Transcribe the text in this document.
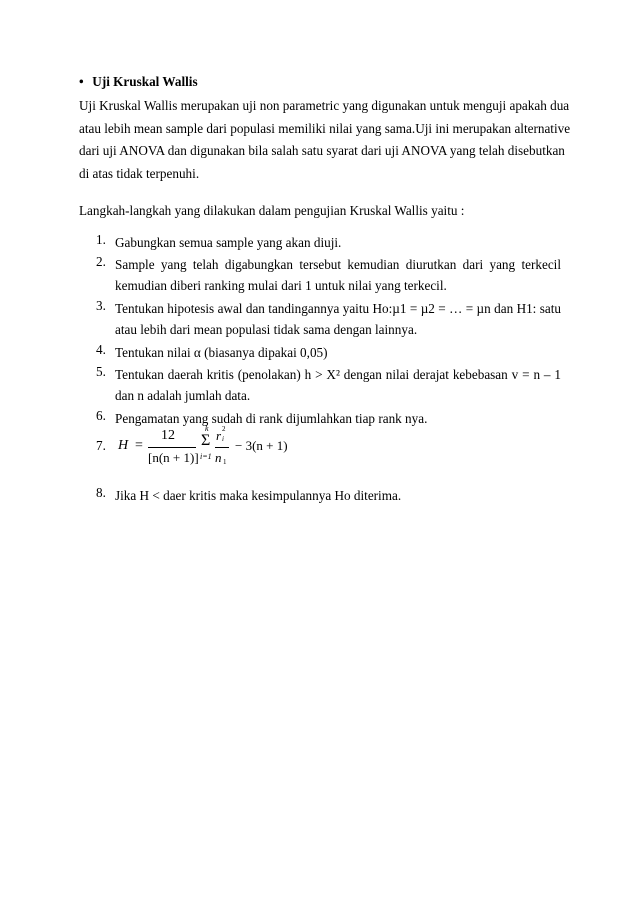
• Uji Kruskal Wallis
Uji Kruskal Wallis merupakan uji non parametric yang digunakan untuk menguji apakah dua
atau lebih mean sample dari populasi memiliki nilai yang sama.Uji ini merupakan alternative
dari uji ANOVA dan digunakan bila salah satu syarat dari uji ANOVA yang telah disebutkan
di atas tidak terpenuhi.
Langkah-langkah yang dilakukan dalam pengujian Kruskal Wallis yaitu :
1. Gabungkan semua sample yang akan diuji.
2. Sample yang telah digabungkan tersebut kemudian diurutkan dari yang terkecil
kemudian diberi ranking mulai dari 1 untuk nilai yang terkecil.
3. Tentukan hipotesis awal dan tandingannya yaitu Ho:µ1 = µ2 = … = µn dan H1: satu
atau lebih dari mean populasi tidak sama dengan lainnya.
4. Tentukan nilai α (biasanya dipakai 0,05)
5. Tentukan daerah kritis (penolakan) h > X² dengan nilai derajat kebebasan v = n – 1
dan n adalah jumlah data.
6. Pengamatan yang sudah di rank dijumlahkan tiap rank nya.
7. H =
12
[n(n + 1)]
k
Σ
i=1
r 2
i
n 1
− 3(n + 1)
8. Jika H < daer kritis maka kesimpulannya Ho diterima.
